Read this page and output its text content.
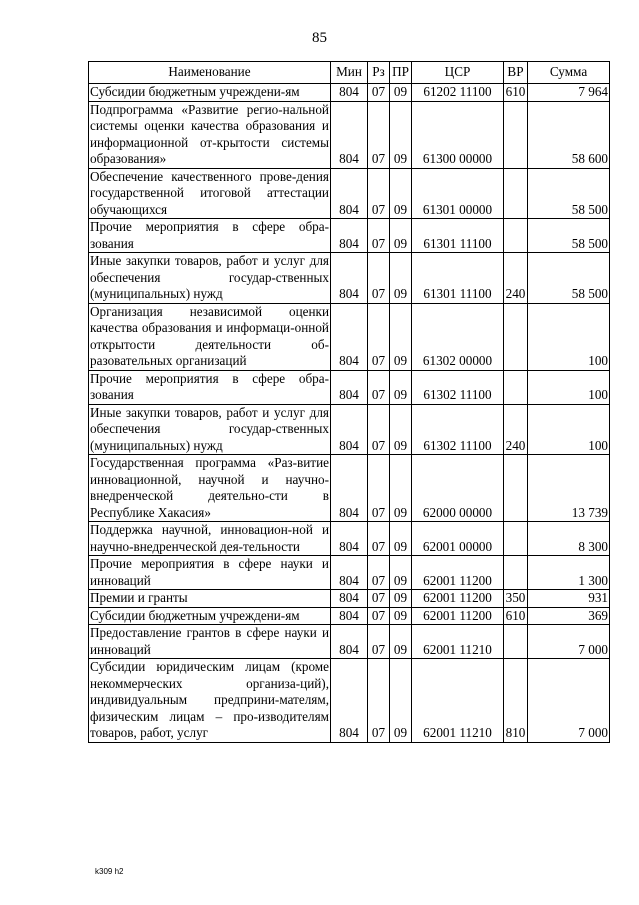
85
Наименование	Мин	Рз	ПР	ЦСР	ВР	Сумма
Субсидии бюджетным учреждени-ям	804	07	09	61202 11100	610	7 964
Подпрограмма «Развитие регио-нальной системы оценки качества образования и информационной от-крытости системы образования»	804	07	09	61300 00000		58 600
Обеспечение качественного прове-дения государственной итоговой аттестации обучающихся	804	07	09	61301 00000		58 500
Прочие мероприятия в сфере обра-зования	804	07	09	61301 11100		58 500
Иные закупки товаров, работ и услуг для обеспечения государ-ственных (муниципальных) нужд	804	07	09	61301 11100	240	58 500
Организация независимой оценки качества образования и информаци-онной открытости деятельности об-разовательных организаций	804	07	09	61302 00000		100
Прочие мероприятия в сфере обра-зования	804	07	09	61302 11100		100
Иные закупки товаров, работ и услуг для обеспечения государ-ственных (муниципальных) нужд	804	07	09	61302 11100	240	100
Государственная программа «Раз-витие инновационной, научной и научно-внедренческой деятельно-сти в Республике Хакасия»	804	07	09	62000 00000		13 739
Поддержка научной, инновацион-ной и научно-внедренческой дея-тельности	804	07	09	62001 00000		8 300
Прочие мероприятия в сфере науки и инноваций	804	07	09	62001 11200		1 300
Премии и гранты	804	07	09	62001 11200	350	931
Субсидии бюджетным учреждени-ям	804	07	09	62001 11200	610	369
Предоставление грантов в сфере науки и инноваций	804	07	09	62001 11210		7 000
Субсидии юридическим лицам (кроме некоммерческих организа-ций), индивидуальным предприни-мателям, физическим лицам – про-изводителям товаров, работ, услуг	804	07	09	62001 11210	810	7 000
k309 h2
